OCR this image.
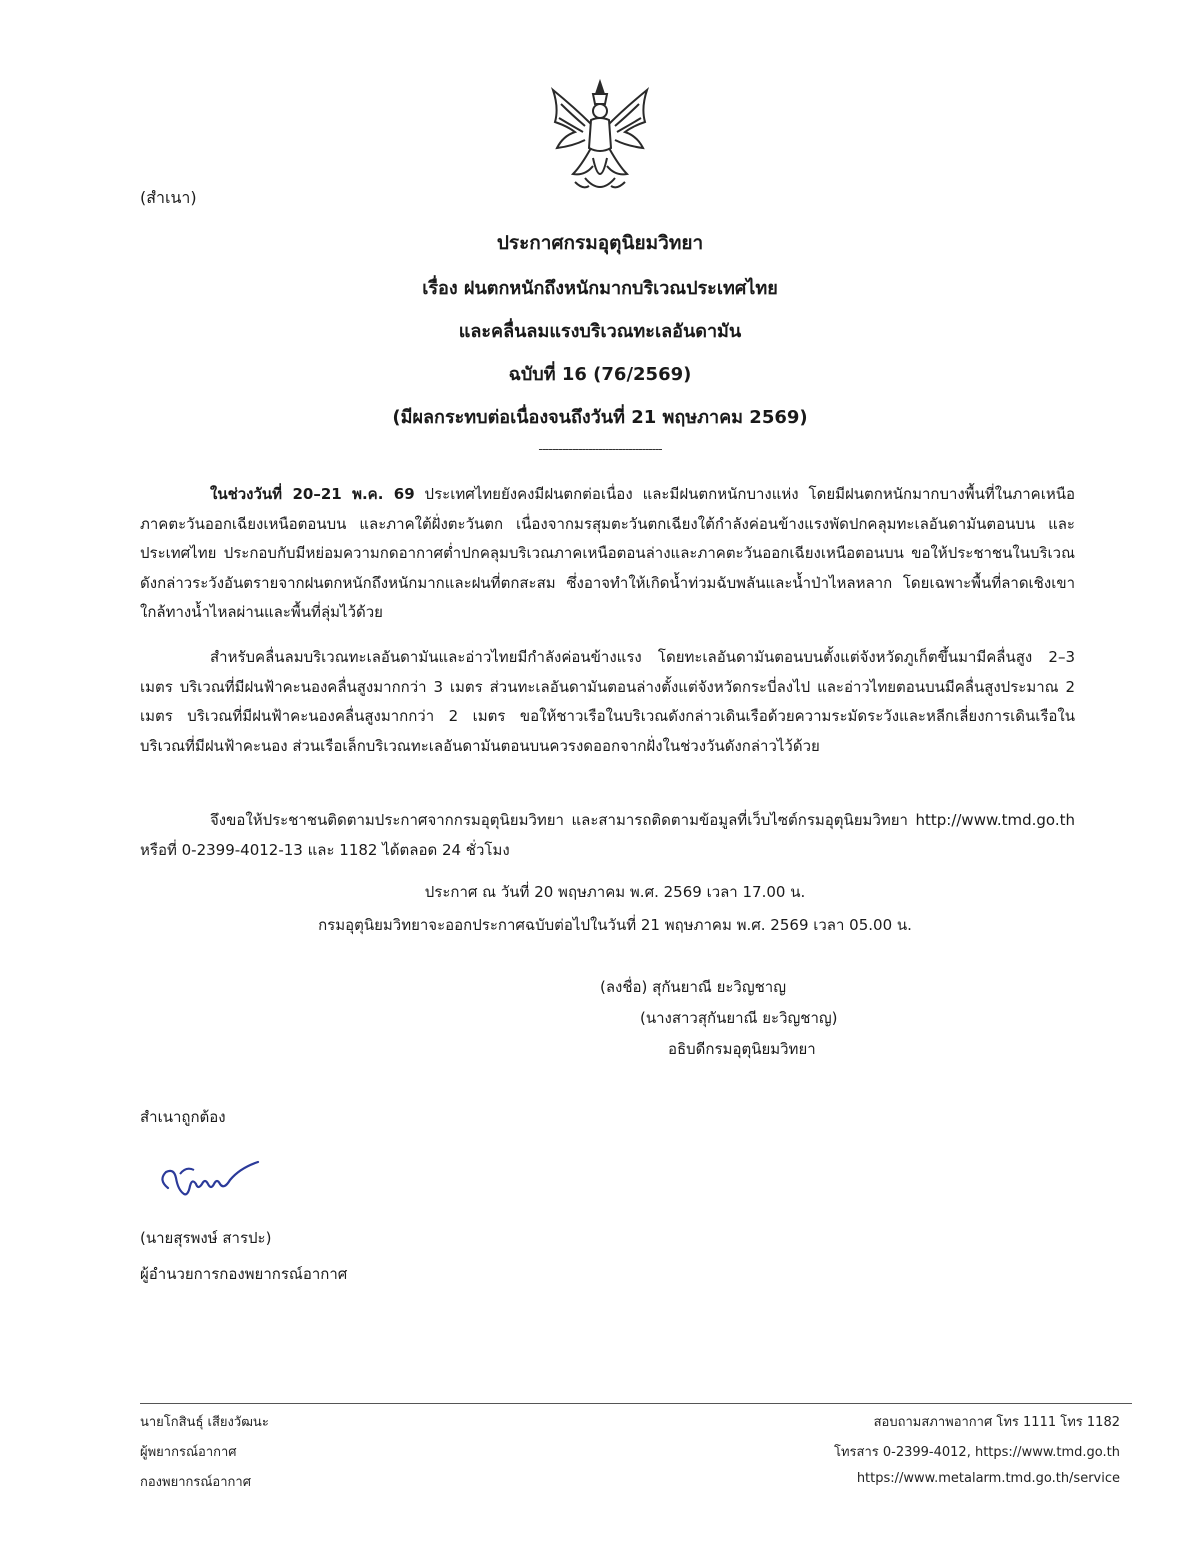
(สำเนา)
ประกาศกรมอุตุนิยมวิทยา
เรื่อง ฝนตกหนักถึงหนักมากบริเวณประเทศไทย
และคลื่นลมแรงบริเวณทะเลอันดามัน
ฉบับที่ 16 (76/2569)
(มีผลกระทบต่อเนื่องจนถึงวันที่ 21 พฤษภาคม 2569)
-------------------------------------

ในช่วงวันที่ 20–21 พ.ค. 69 ประเทศไทยยังคงมีฝนตกต่อเนื่อง และมีฝนตกหนักบางแห่ง โดยมีฝนตกหนักมากบางพื้นที่ในภาคเหนือ ภาคตะวันออกเฉียงเหนือตอนบน และภาคใต้ฝั่งตะวันตก เนื่องจากมรสุมตะวันตกเฉียงใต้กำลังค่อนข้างแรงพัดปกคลุมทะเลอันดามันตอนบน และประเทศไทย ประกอบกับมีหย่อมความกดอากาศต่ำปกคลุมบริเวณภาคเหนือตอนล่างและภาคตะวันออกเฉียงเหนือตอนบน ขอให้ประชาชนในบริเวณดังกล่าวระวังอันตรายจากฝนตกหนักถึงหนักมากและฝนที่ตกสะสม ซึ่งอาจทำให้เกิดน้ำท่วมฉับพลันและน้ำป่าไหลหลาก โดยเฉพาะพื้นที่ลาดเชิงเขาใกล้ทางน้ำไหลผ่านและพื้นที่ลุ่มไว้ด้วย

สำหรับคลื่นลมบริเวณทะเลอันดามันและอ่าวไทยมีกำลังค่อนข้างแรง โดยทะเลอันดามันตอนบนตั้งแต่จังหวัดภูเก็ตขึ้นมามีคลื่นสูง 2–3 เมตร บริเวณที่มีฝนฟ้าคะนองคลื่นสูงมากกว่า 3 เมตร ส่วนทะเลอันดามันตอนล่างตั้งแต่จังหวัดกระบี่ลงไป และอ่าวไทยตอนบนมีคลื่นสูงประมาณ 2 เมตร บริเวณที่มีฝนฟ้าคะนองคลื่นสูงมากกว่า 2 เมตร ขอให้ชาวเรือในบริเวณดังกล่าวเดินเรือด้วยความระมัดระวังและหลีกเลี่ยงการเดินเรือในบริเวณที่มีฝนฟ้าคะนอง ส่วนเรือเล็กบริเวณทะเลอันดามันตอนบนควรงดออกจากฝั่งในช่วงวันดังกล่าวไว้ด้วย

จึงขอให้ประชาชนติดตามประกาศจากกรมอุตุนิยมวิทยา และสามารถติดตามข้อมูลที่เว็บไซต์กรมอุตุนิยมวิทยา http://www.tmd.go.th หรือที่ 0-2399-4012-13 และ 1182 ได้ตลอด 24 ชั่วโมง

ประกาศ ณ วันที่ 20 พฤษภาคม พ.ศ. 2569 เวลา 17.00 น.
กรมอุตุนิยมวิทยาจะออกประกาศฉบับต่อไปในวันที่ 21 พฤษภาคม พ.ศ. 2569 เวลา 05.00 น.
(ลงชื่อ) สุกันยาณี ยะวิญชาญ
(นางสาวสุกันยาณี ยะวิญชาญ)
อธิบดีกรมอุตุนิยมวิทยา
สำเนาถูกต้อง
(นายสุรพงษ์ สารปะ)
ผู้อำนวยการกองพยากรณ์อากาศ
นายโกสินธุ์ เสียงวัฒนะ
ผู้พยากรณ์อากาศ
กองพยากรณ์อากาศ
สอบถามสภาพอากาศ โทร 1111 โทร 1182
โทรสาร 0-2399-4012, https://www.tmd.go.th
https://www.metalarm.tmd.go.th/service
